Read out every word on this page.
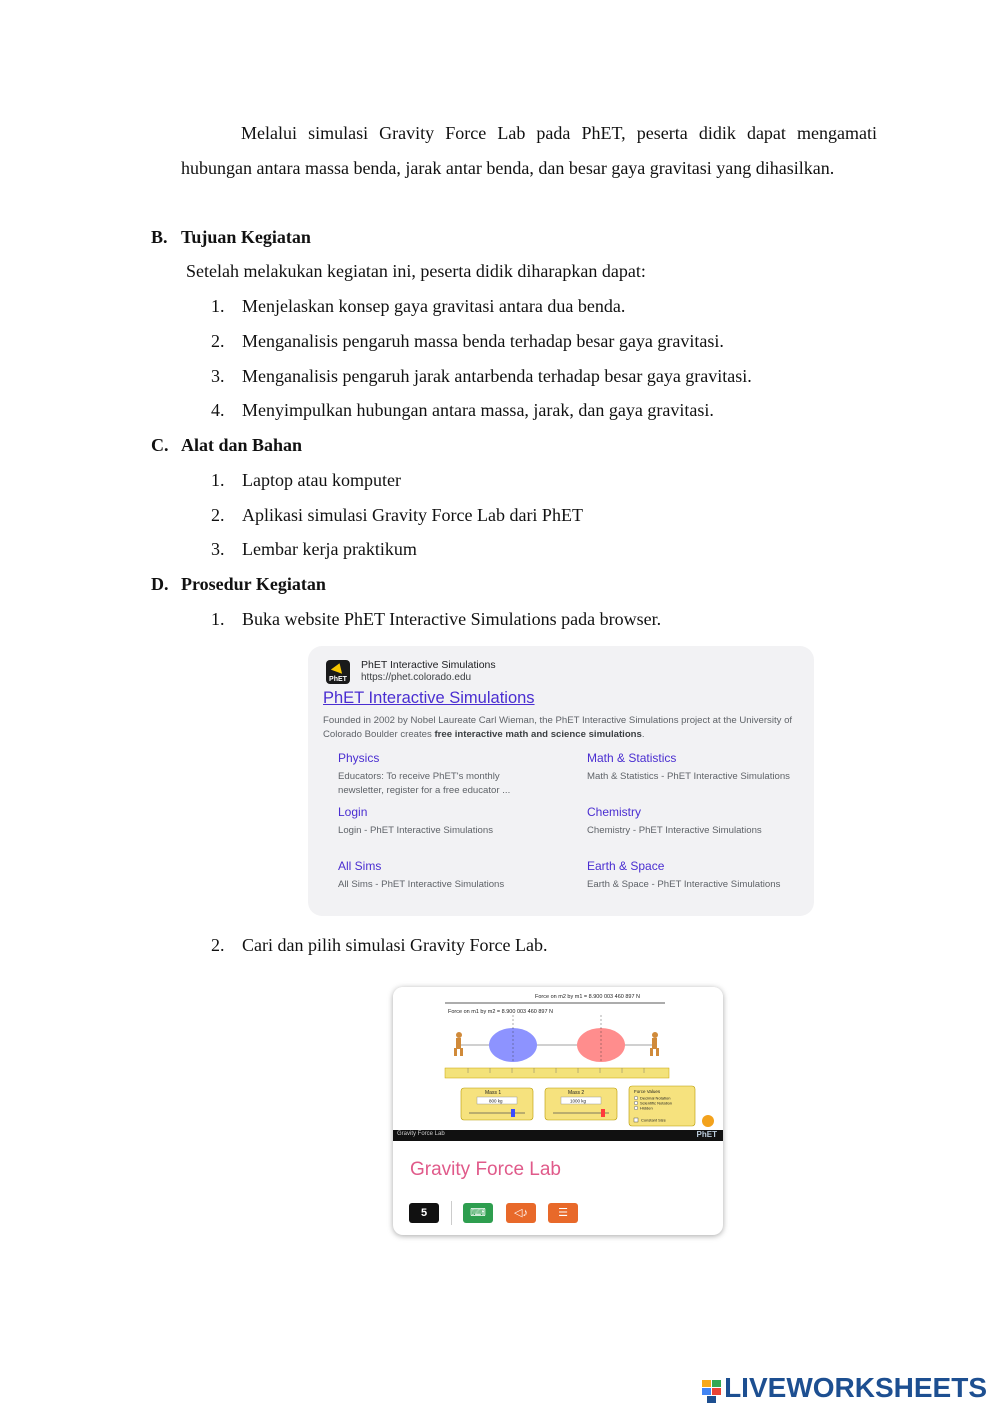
Melalui simulasi Gravity Force Lab pada PhET, peserta didik dapat mengamati hubungan antara massa benda, jarak antar benda, dan besar gaya gravitasi yang dihasilkan.
B. Tujuan Kegiatan
Setelah melakukan kegiatan ini, peserta didik diharapkan dapat:
1. Menjelaskan konsep gaya gravitasi antara dua benda.
2. Menganalisis pengaruh massa benda terhadap besar gaya gravitasi.
3. Menganalisis pengaruh jarak antarbenda terhadap besar gaya gravitasi.
4. Menyimpulkan hubungan antara massa, jarak, dan gaya gravitasi.
C. Alat dan Bahan
1. Laptop atau komputer
2. Aplikasi simulasi Gravity Force Lab dari PhET
3. Lembar kerja praktikum
D. Prosedur Kegiatan
1. Buka website PhET Interactive Simulations pada browser.
PhET
PhET Interactive Simulations
https://phet.colorado.edu
PhET Interactive Simulations
Founded in 2002 by Nobel Laureate Carl Wieman, the PhET Interactive Simulations project at the University of Colorado Boulder creates free interactive math and science simulations.
Physics
Educators: To receive PhET's monthly newsletter, register for a free educator ...
Math & Statistics
Math & Statistics - PhET Interactive Simulations
Login
Login - PhET Interactive Simulations
Chemistry
Chemistry - PhET Interactive Simulations
All Sims
All Sims - PhET Interactive Simulations
Earth & Space
Earth & Space - PhET Interactive Simulations
2. Cari dan pilih simulasi Gravity Force Lab.
Force on m2 by m1 = 8.900 003 460 897 N
Force on m1 by m2 = 8.900 003 460 897 N
Mass 1
800 kg
Mass 2
1000 kg
Force Values
Decimal Notation
Scientific Notation
Hidden
Constant Size
Gravity Force Lab	PhET
Gravity Force Lab
5	⌨	◁♪	☰
LIVEWORKSHEETS
